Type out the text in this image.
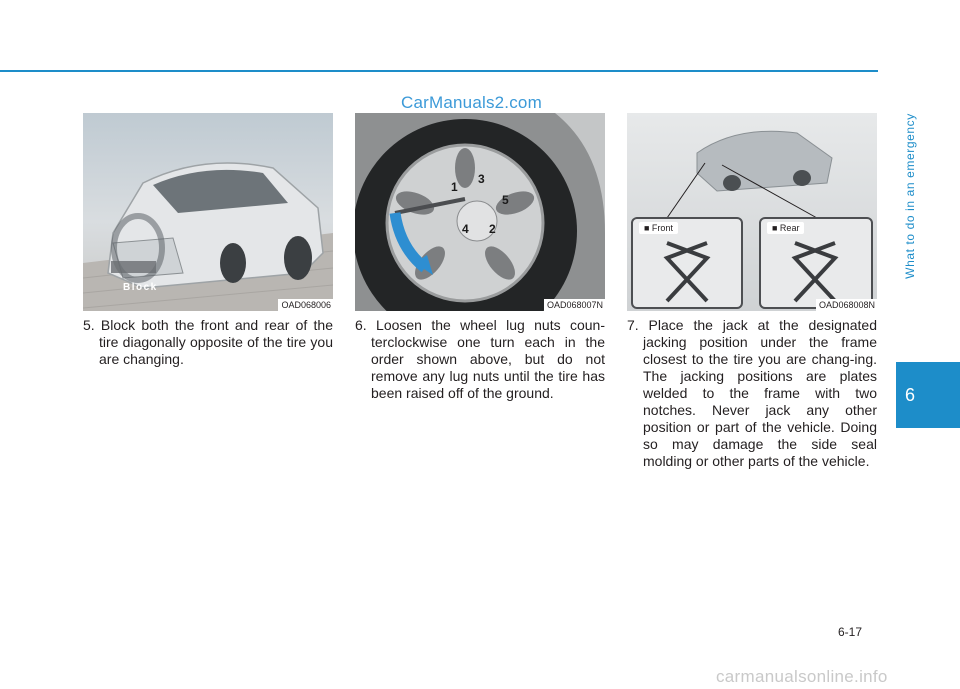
CarManuals2.com
OAD068006
Block
OAD068007N
1
2
3
4
5
OAD068008N
■ Front	■ Rear
5. Block both the front and rear of the tire diagonally opposite of the tire you are changing.
6. Loosen the wheel lug nuts coun-terclockwise one turn each in the order shown above, but do not remove any lug nuts until the tire has been raised off of the ground.
7. Place the jack at the designated jacking position under the frame closest to the tire you are chang-ing. The jacking positions are plates welded to the frame with two notches. Never jack any other position or part of the vehicle. Doing so may damage the side seal molding or other parts of the vehicle.
What to do in an emergency
6
6-17
carmanualsonline.info
